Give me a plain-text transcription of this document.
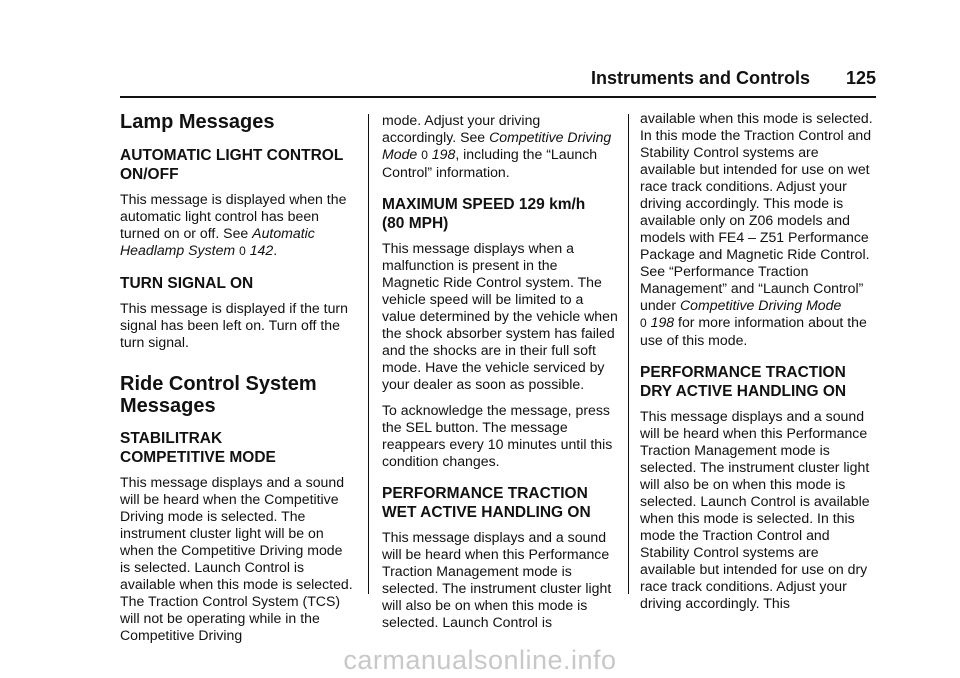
Instruments and Controls 125
Lamp Messages
AUTOMATIC LIGHT CONTROL
ON/OFF

This message is displayed when the automatic light control has been turned on or off. See Automatic Headlamp System 0 142.

TURN SIGNAL ON

This message is displayed if the turn signal has been left on. Turn off the turn signal.

Ride Control System
Messages
STABILITRAK
COMPETITIVE MODE

This message displays and a sound will be heard when the Competitive Driving mode is selected. The instrument cluster light will be on when the Competitive Driving mode is selected. Launch Control is available when this mode is selected. The Traction Control System (TCS) will not be operating while in the Competitive Driving

mode. Adjust your driving accordingly. See Competitive Driving Mode 0 198, including the “Launch Control” information.

MAXIMUM SPEED 129 km/h
(80 MPH)

This message displays when a malfunction is present in the Magnetic Ride Control system. The vehicle speed will be limited to a value determined by the vehicle when the shock absorber system has failed and the shocks are in their full soft mode. Have the vehicle serviced by your dealer as soon as possible.

To acknowledge the message, press the SEL button. The message reappears every 10 minutes until this condition changes.

PERFORMANCE TRACTION
WET ACTIVE HANDLING ON

This message displays and a sound will be heard when this Performance Traction Management mode is selected. The instrument cluster light will also be on when this mode is selected. Launch Control is

available when this mode is selected. In this mode the Traction Control and Stability Control systems are available but intended for use on wet race track conditions. Adjust your driving accordingly. This mode is available only on Z06 models and models with FE4 – Z51 Performance Package and Magnetic Ride Control. See “Performance Traction Management” and “Launch Control” under Competitive Driving Mode
0 198 for more information about the use of this mode.

PERFORMANCE TRACTION
DRY ACTIVE HANDLING ON

This message displays and a sound will be heard when this Performance Traction Management mode is selected. The instrument cluster light will also be on when this mode is selected. Launch Control is available when this mode is selected. In this mode the Traction Control and Stability Control systems are available but intended for use on dry race track conditions. Adjust your driving accordingly. This

carmanualsonline.info
